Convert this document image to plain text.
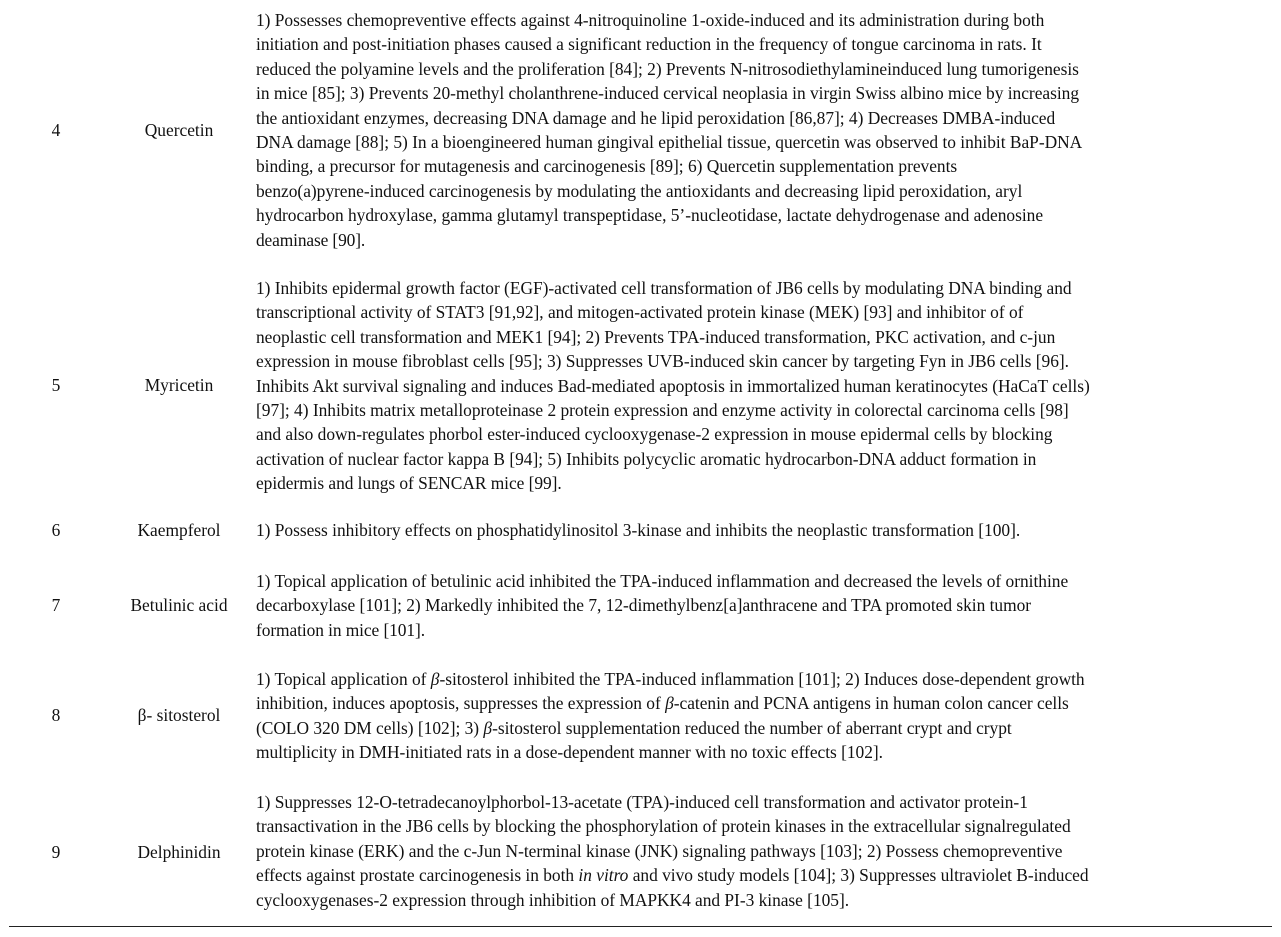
4	Quercetin
1) Possesses chemopreventive effects against 4-nitroquinoline 1-oxide-induced and its administration during both
initiation and post-initiation phases caused a significant reduction in the frequency of tongue carcinoma in rats. It
reduced the polyamine levels and the proliferation [84]; 2) Prevents N-nitrosodiethylamineinduced lung tumorigenesis
in mice [85]; 3) Prevents 20-methyl cholanthrene-induced cervical neoplasia in virgin Swiss albino mice by increasing
the antioxidant enzymes, decreasing DNA damage and he lipid peroxidation [86,87]; 4) Decreases DMBA-induced
DNA damage [88]; 5) In a bioengineered human gingival epithelial tissue, quercetin was observed to inhibit BaP-DNA
binding, a precursor for mutagenesis and carcinogenesis [89]; 6) Quercetin supplementation prevents
benzo(a)pyrene-induced carcinogenesis by modulating the antioxidants and decreasing lipid peroxidation, aryl
hydrocarbon hydroxylase, gamma glutamyl transpeptidase, 5’-nucleotidase, lactate dehydrogenase and adenosine
deaminase [90].
5	Myricetin
1) Inhibits epidermal growth factor (EGF)-activated cell transformation of JB6 cells by modulating DNA binding and
transcriptional activity of STAT3 [91,92], and mitogen-activated protein kinase (MEK) [93] and inhibitor of of
neoplastic cell transformation and MEK1 [94]; 2) Prevents TPA-induced transformation, PKC activation, and c-jun
expression in mouse fibroblast cells [95]; 3) Suppresses UVB-induced skin cancer by targeting Fyn in JB6 cells [96].
Inhibits Akt survival signaling and induces Bad-mediated apoptosis in immortalized human keratinocytes (HaCaT cells)
[97]; 4) Inhibits matrix metalloproteinase 2 protein expression and enzyme activity in colorectal carcinoma cells [98]
and also down-regulates phorbol ester-induced cyclooxygenase-2 expression in mouse epidermal cells by blocking
activation of nuclear factor kappa B [94]; 5) Inhibits polycyclic aromatic hydrocarbon-DNA adduct formation in
epidermis and lungs of SENCAR mice [99].
6	Kaempferol	1) Possess inhibitory effects on phosphatidylinositol 3-kinase and inhibits the neoplastic transformation [100].
7	Betulinic acid
1) Topical application of betulinic acid inhibited the TPA-induced inflammation and decreased the levels of ornithine
decarboxylase [101]; 2) Markedly inhibited the 7, 12-dimethylbenz[a]anthracene and TPA promoted skin tumor
formation in mice [101].
8	β- sitosterol
1) Topical application of β-sitosterol inhibited the TPA-induced inflammation [101]; 2) Induces dose-dependent growth
inhibition, induces apoptosis, suppresses the expression of β-catenin and PCNA antigens in human colon cancer cells
(COLO 320 DM cells) [102]; 3) β-sitosterol supplementation reduced the number of aberrant crypt and crypt
multiplicity in DMH-initiated rats in a dose-dependent manner with no toxic effects [102].
9	Delphinidin
1) Suppresses 12-O-tetradecanoylphorbol-13-acetate (TPA)-induced cell transformation and activator protein-1
transactivation in the JB6 cells by blocking the phosphorylation of protein kinases in the extracellular signalregulated
protein kinase (ERK) and the c-Jun N-terminal kinase (JNK) signaling pathways [103]; 2) Possess chemopreventive
effects against prostate carcinogenesis in both in vitro and vivo study models [104]; 3) Suppresses ultraviolet B-induced
cyclooxygenases-2 expression through inhibition of MAPKK4 and PI-3 kinase [105].
